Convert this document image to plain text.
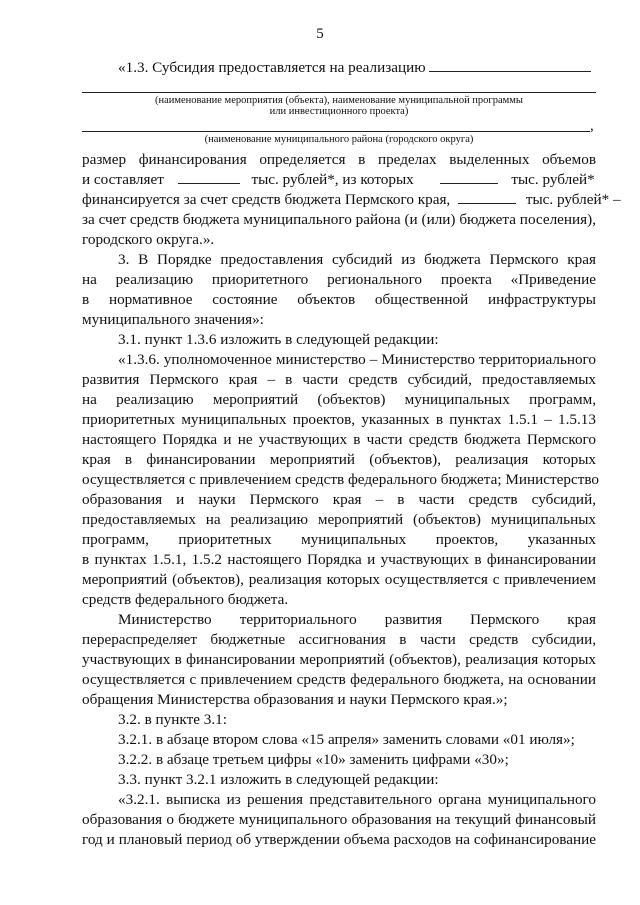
5
«1.3. Субсидия предоставляется на реализацию
(наименование мероприятия (объекта), наименование муниципальной программы
или инвестиционного проекта)
,
(наименование муниципального района (городского округа)
размер финансирования определяется в пределах выделенных объемов
и составляет	тыс. рублей*, из которых	тыс. рублей*
финансируется за счет средств бюджета Пермского края,	тыс. рублей* –
за счет средств бюджета муниципального района (и (или) бюджета поселения),
городского округа.».
3. В Порядке предоставления субсидий из бюджета Пермского края
на реализацию приоритетного регионального проекта «Приведение
в нормативное состояние объектов общественной инфраструктуры
муниципального значения»:
3.1. пункт 1.3.6 изложить в следующей редакции:
«1.3.6. уполномоченное министерство – Министерство территориального
развития Пермского края – в части средств субсидий, предоставляемых
на реализацию мероприятий (объектов) муниципальных программ,
приоритетных муниципальных проектов, указанных в пунктах 1.5.1 – 1.5.13
настоящего Порядка и не участвующих в части средств бюджета Пермского
края в финансировании мероприятий (объектов), реализация которых
осуществляется с привлечением средств федерального бюджета; Министерство
образования и науки Пермского края – в части средств субсидий,
предоставляемых на реализацию мероприятий (объектов) муниципальных
программ, приоритетных муниципальных проектов, указанных
в пунктах 1.5.1, 1.5.2 настоящего Порядка и участвующих в финансировании
мероприятий (объектов), реализация которых осуществляется с привлечением
средств федерального бюджета.
Министерство территориального развития Пермского края
перераспределяет бюджетные ассигнования в части средств субсидии,
участвующих в финансировании мероприятий (объектов), реализация которых
осуществляется с привлечением средств федерального бюджета, на основании
обращения Министерства образования и науки Пермского края.»;
3.2. в пункте 3.1:
3.2.1. в абзаце втором слова «15 апреля» заменить словами «01 июля»;
3.2.2. в абзаце третьем цифры «10» заменить цифрами «30»;
3.3. пункт 3.2.1 изложить в следующей редакции:
«3.2.1. выписка из решения представительного органа муниципального
образования о бюджете муниципального образования на текущий финансовый
год и плановый период об утверждении объема расходов на софинансирование
